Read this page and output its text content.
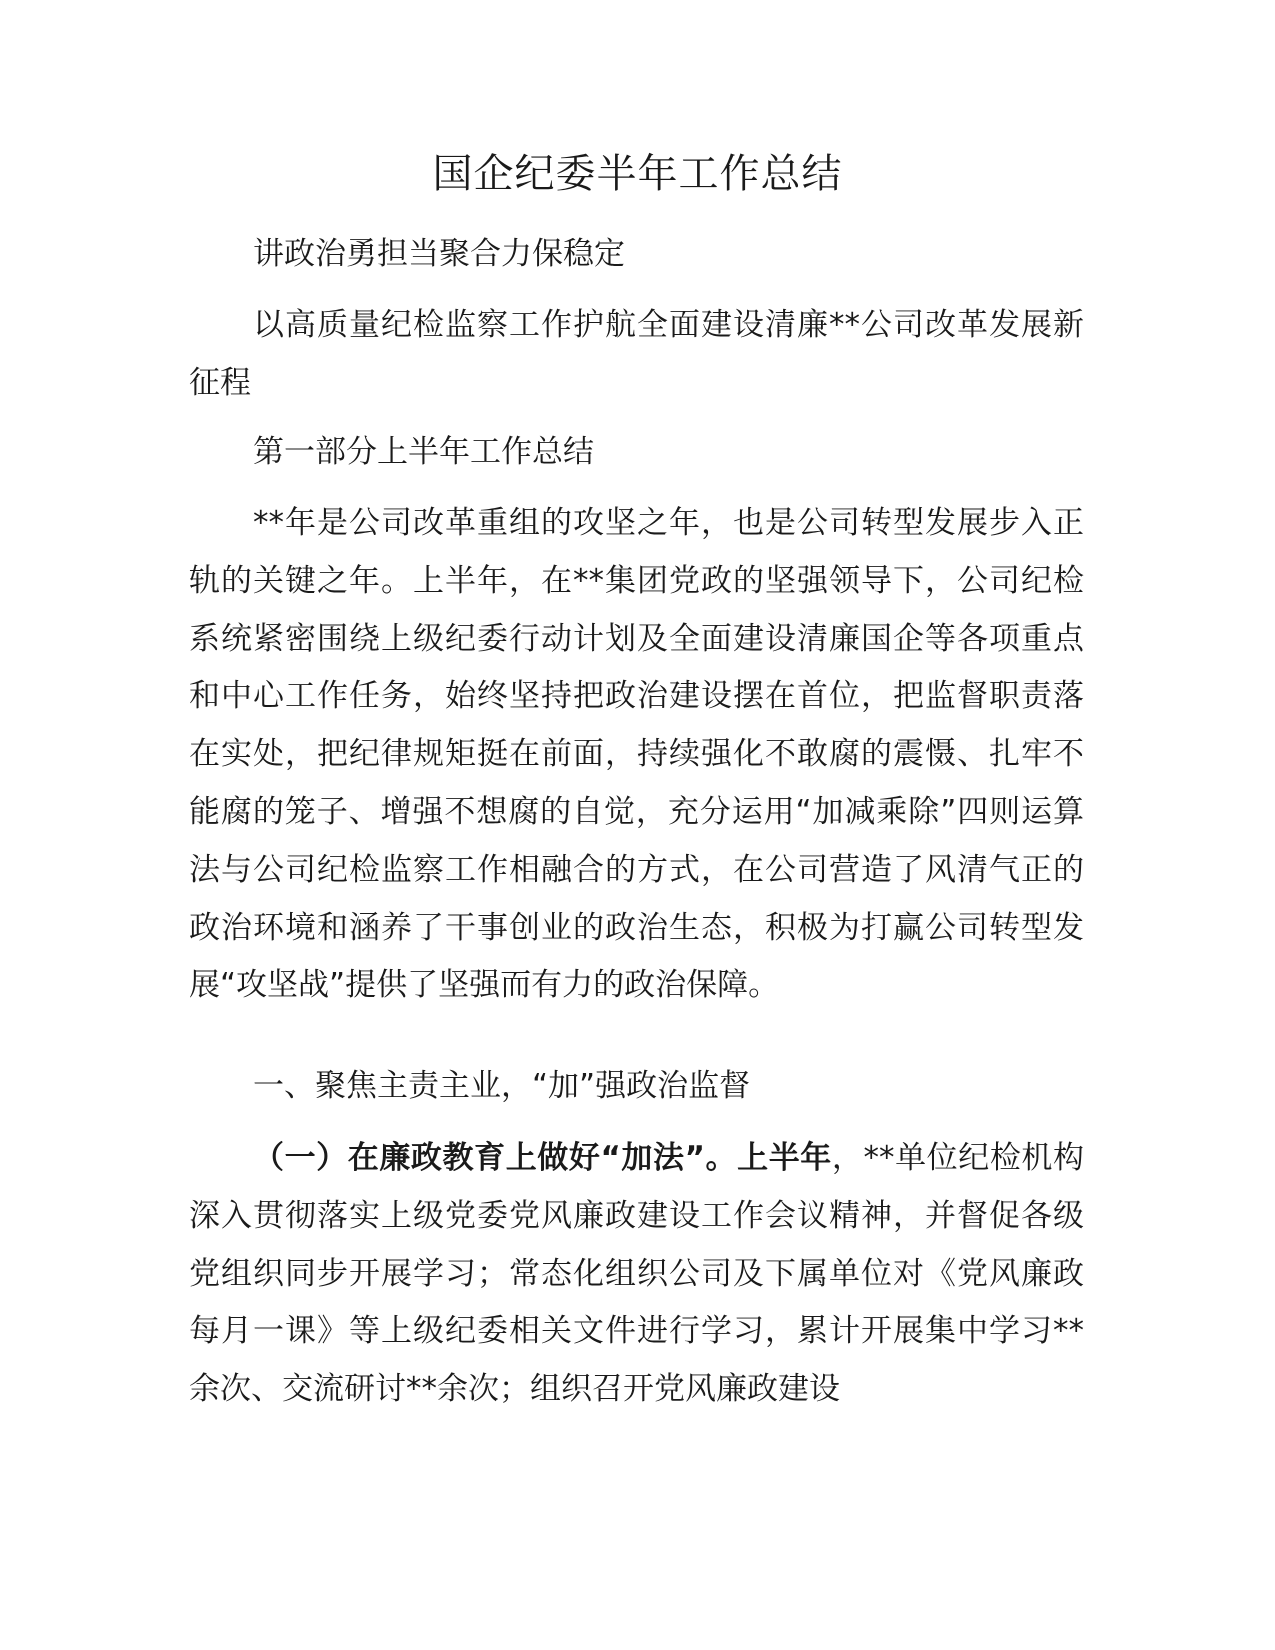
国企纪委半年工作总结

讲政治勇担当聚合力保稳定

以高质量纪检监察工作护航全面建设清廉**公司改革发展新征程

第一部分上半年工作总结

**年是公司改革重组的攻坚之年，也是公司转型发展步入正轨的关键之年。上半年，在**集团党政的坚强领导下，公司纪检系统紧密围绕上级纪委行动计划及全面建设清廉国企等各项重点和中心工作任务，始终坚持把政治建设摆在首位，把监督职责落在实处，把纪律规矩挺在前面，持续强化不敢腐的震慑、扎牢不能腐的笼子、增强不想腐的自觉，充分运用“加减乘除”四则运算法与公司纪检监察工作相融合的方式，在公司营造了风清气正的政治环境和涵养了干事创业的政治生态，积极为打赢公司转型发展“攻坚战”提供了坚强而有力的政治保障。

一、聚焦主责主业，“加”强政治监督

（一）在廉政教育上做好“加法”。上半年，**单位纪检机构深入贯彻落实上级党委党风廉政建设工作会议精神，并督促各级党组织同步开展学习；常态化组织公司及下属单位对《党风廉政每月一课》等上级纪委相关文件进行学习，累计开展集中学习**余次、交流研讨**余次；组织召开党风廉政建设
